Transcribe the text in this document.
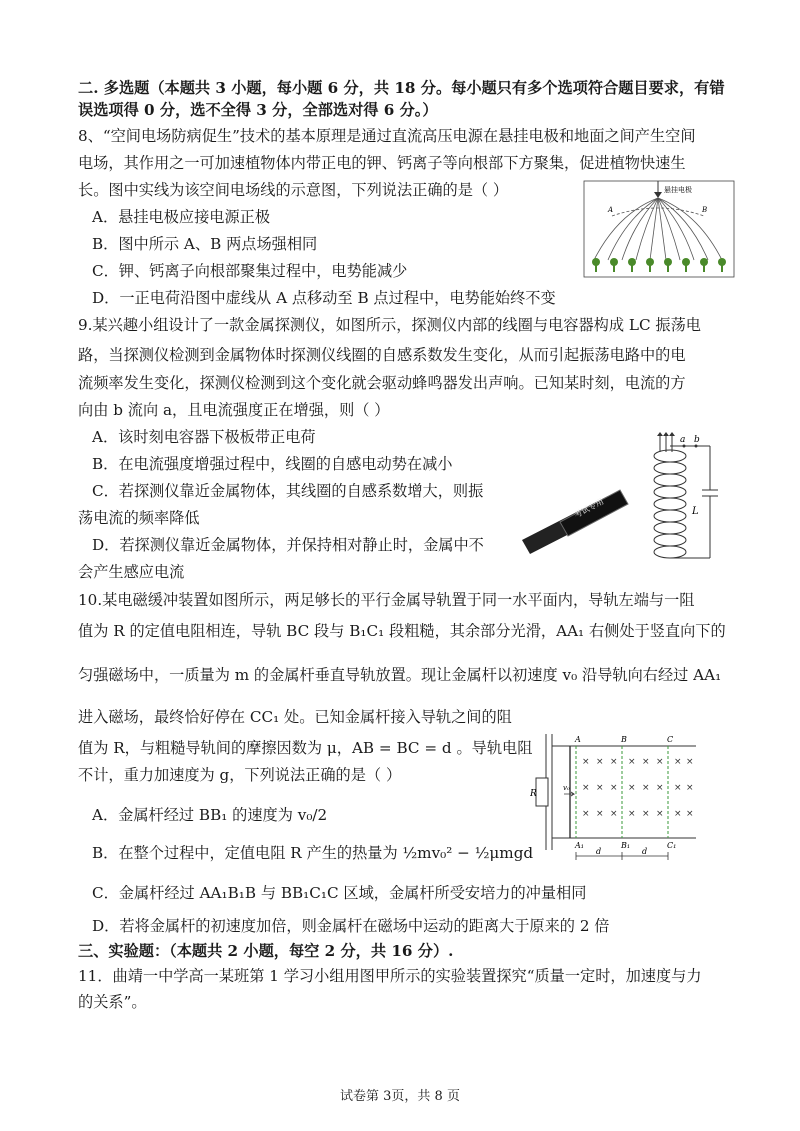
二. 多选题（本题共 3 小题，每小题 6 分，共 18 分。每小题只有多个选项符合题目要求，有错
误选项得 0 分，选不全得 3 分，全部选对得 6 分。）
8、“空间电场防病促生”技术的基本原理是通过直流高压电源在悬挂电极和地面之间产生空间
电场，其作用之一可加速植物体内带正电的钾、钙离子等向根部下方聚集，促进植物快速生
长。图中实线为该空间电场线的示意图，下列说法正确的是（ ）
A．悬挂电极应接电源正极
B．图中所示 A、B 两点场强相同
C．钾、钙离子向根部聚集过程中，电势能减少
D．一正电荷沿图中虚线从 A 点移动至 B 点过程中，电势能始终不变
悬挂电极
A	B
9.某兴趣小组设计了一款金属探测仪，如图所示，探测仪内部的线圈与电容器构成 LC 振荡电
路，当探测仪检测到金属物体时探测仪线圈的自感系数发生变化，从而引起振荡电路中的电
流频率发生变化，探测仪检测到这个变化就会驱动蜂鸣器发出声响。已知某时刻，电流的方
向由 b 流向 a，且电流强度正在增强，则（ ）
A．该时刻电容器下极板带正电荷
B．在电流强度增强过程中，线圈的自感电动势在减小
C．若探测仪靠近金属物体，其线圈的自感系数增大，则振
荡电流的频率降低
D．若探测仪靠近金属物体，并保持相对静止时，金属中不
会产生感应电流
考试专用
a b
L
10.某电磁缓冲装置如图所示，两足够长的平行金属导轨置于同一水平面内，导轨左端与一阻
值为 R 的定值电阻相连，导轨 BC 段与 B₁C₁ 段粗糙，其余部分光滑，AA₁ 右侧处于竖直向下的
匀强磁场中，一质量为 m 的金属杆垂直导轨放置。现让金属杆以初速度 v₀ 沿导轨向右经过 AA₁
进入磁场，最终恰好停在 CC₁ 处。已知金属杆接入导轨之间的阻
值为 R，与粗糙导轨间的摩擦因数为 μ，AB = BC = d 。导轨电阻
不计，重力加速度为 g，下列说法正确的是（ ）
A．金属杆经过 BB₁ 的速度为 v₀/2
B．在整个过程中，定值电阻 R 产生的热量为 ½mv₀² − ½μmgd
C．金属杆经过 AA₁B₁B 与 BB₁C₁C 区域，金属杆所受安培力的冲量相同
D．若将金属杆的初速度加倍，则金属杆在磁场中运动的距离大于原来的 2 倍
R
v₀
A	B	C
A₁	B₁	C₁
× × × × × × × ×
× × × × × × × ×
× × × × × × × ×
d	d
三、实验题：（本题共 2 小题，每空 2 分，共 16 分）.
11．曲靖一中学高一某班第 1 学习小组用图甲所示的实验装置探究“质量一定时，加速度与力
的关系”。
试卷第 3页，共 8 页
